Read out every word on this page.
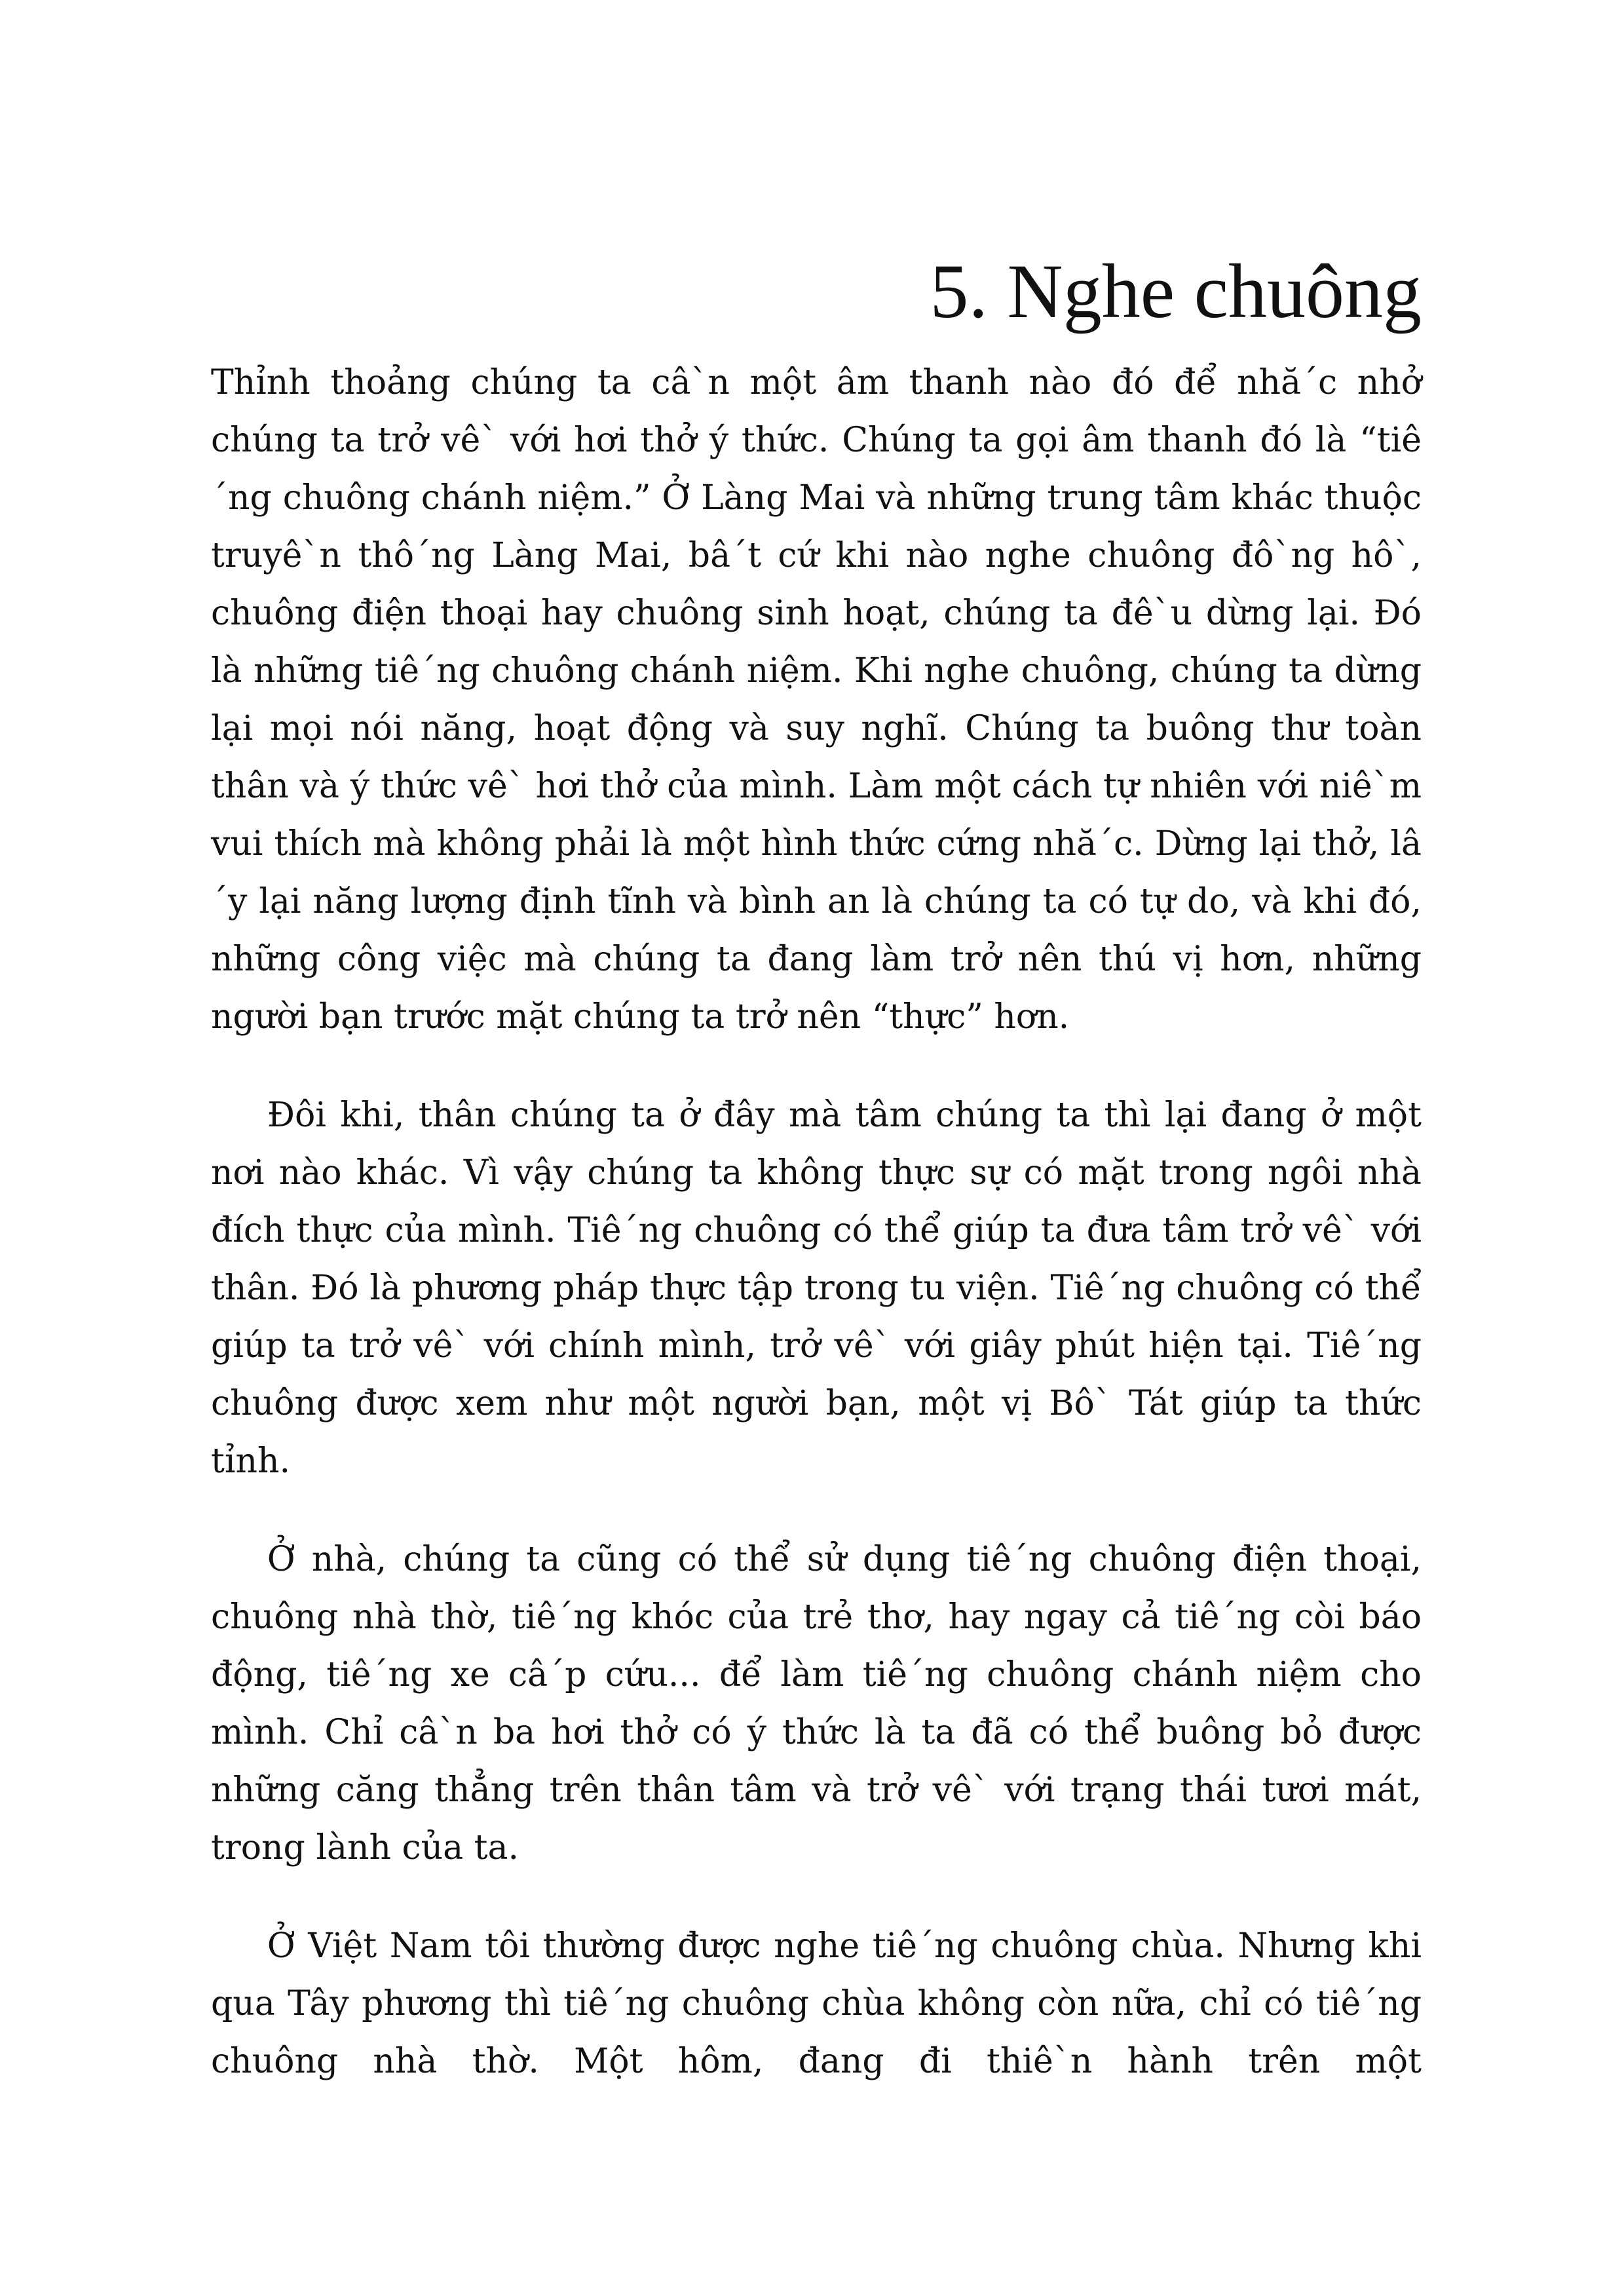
5. Nghe chuông

Thỉnh thoảng chúng ta câ`n một âm thanh nào đó để nhă´c nhở chúng ta trở vê` với hơi thở ý thức. Chúng ta gọi âm thanh đó là “tiê´ng chuông chánh niệm.” Ở Làng Mai và những trung tâm khác thuộc truyê`n thô´ng Làng Mai, bâ´t cứ khi nào nghe chuông đô`ng hô`, chuông điện thoại hay chuông sinh hoạt, chúng ta đê`u dừng lại. Đó là những tiê´ng chuông chánh niệm. Khi nghe chuông, chúng ta dừng lại mọi nói năng, hoạt động và suy nghĩ. Chúng ta buông thư toàn thân và ý thức vê` hơi thở của mình. Làm một cách tự nhiên với niê`m vui thích mà không phải là một hình thức cứng nhă´c. Dừng lại thở, lâ´y lại năng lượng định tĩnh và bình an là chúng ta có tự do, và khi đó, những công việc mà chúng ta đang làm trở nên thú vị hơn, những người bạn trước mặt chúng ta trở nên “thực” hơn.

Đôi khi, thân chúng ta ở đây mà tâm chúng ta thì lại đang ở một nơi nào khác. Vì vậy chúng ta không thực sự có mặt trong ngôi nhà đích thực của mình. Tiê´ng chuông có thể giúp ta đưa tâm trở vê` với thân. Đó là phương pháp thực tập trong tu viện. Tiê´ng chuông có thể giúp ta trở vê` với chính mình, trở vê` với giây phút hiện tại. Tiê´ng chuông được xem như một người bạn, một vị Bô` Tát giúp ta thức tỉnh.

Ở nhà, chúng ta cũng có thể sử dụng tiê´ng chuông điện thoại, chuông nhà thờ, tiê´ng khóc của trẻ thơ, hay ngay cả tiê´ng còi báo động, tiê´ng xe câ´p cứu... để làm tiê´ng chuông chánh niệm cho mình. Chỉ câ`n ba hơi thở có ý thức là ta đã có thể buông bỏ được những căng thẳng trên thân tâm và trở vê` với trạng thái tươi mát, trong lành của ta.

Ở Việt Nam tôi thường được nghe tiê´ng chuông chùa. Nhưng khi qua Tây phương thì tiê´ng chuông chùa không còn nữa, chỉ có tiê´ng chuông nhà thờ. Một hôm, đang đi thiê`n hành trên một
